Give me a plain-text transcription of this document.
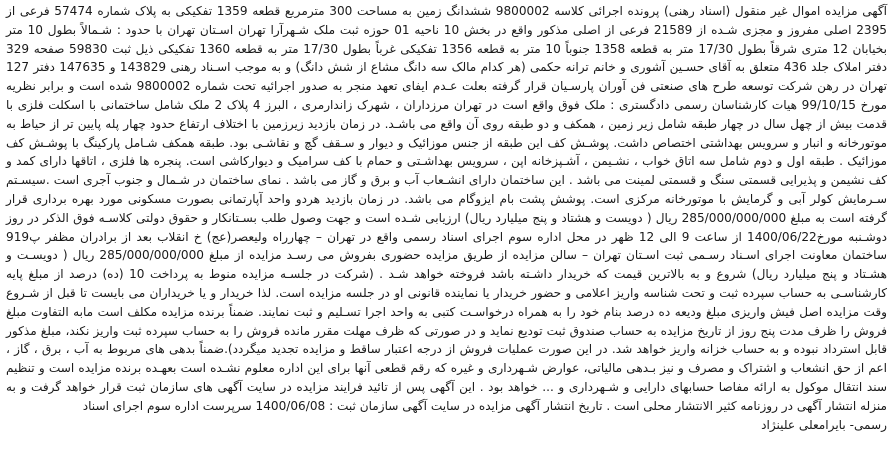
آگهی مزایده اموال غیر منقول (اسناد رهنی) پرونده اجرائی کلاسه 9800002 ششدانگ زمین به مساحت 300 مترمربع قطعه 1359 تفکیکی به پلاک شماره 57474 فرعی از 2395 اصلی مفروز و مجزی شـده از 21589 فرعی از اصلی مذکور واقع در بخش 10 ناحیه 01 حوزه ثبت ملک شـهرآرا تهران اسـتان تهران با حدود : شـمالاً بطول 10 متر بخیابان 12 متری شرقاً بطول 17/30 متر به قطعه 1358 جنوباً 10 متر به قطعه 1356 تفکیکی غرباً بطول 17/30 متر به قطعه 1360 تفکیکی ذیل ثبت 59830 صفحه 329 دفتر املاک جلد 436 متعلق به آقای حسـین آشوری و خانم ترانه حکمی (هر کدام مالک سه دانگ مشاع از شش دانگ) و به موجب اسـناد رهنی 143829 و 147635 دفتر 127 تهران در رهن شرکت توسعه طرح های صنعتی فن آوران پارسـیان قرار گرفته بعلت عـدم ایفای تعهد منجر به صدور اجرائیه تحت شماره 9800002 شده است و برابر نظریه مورخ 99/10/15 هیات کارشناسان رسمی دادگستری : ملک فوق واقع است در تهران مرزداران ، شهرک زاندارمری ، البرز 4 پلاک 2 ملک شامل ساختمانی با اسکلت فلزی با قدمت بیش از چهل سال در چهار طبقه شامل زیر زمین ، همکف و دو طبقه روی آن واقع می باشـد. در زمان بازدید زیرزمین با اختلاف ارتفاع حدود چهار پله پایین تر از حیاط به موتورخانه و انبار و سرویس بهداشتی اختصاص داشت. پوشـش کف این طبقه از جنس موزائیک و دیوار و سـقف گچ و نقاشـی بود. طبقه همکف شـامل پارکینگ با پوشـش کف موزائیک . طبقه اول و دوم شامل سه اتاق خواب ، نشـیمن ، آشـپزخانه اپن ، سرویس بهداشـتی و حمام با کف سرامیک و دیوارکاشی است. پنجره ها فلزی ، اتاقها دارای کمد و کف نشیمن و پذیرایی قسمتی سنگ و قسمتی لمینت می باشد . این ساختمان دارای انشـعاب آب و برق و گاز می باشد . نمای ساختمان در شـمال و جنوب آجری است .سیسـتم سـرمایش کولر آبی و گرمایش با موتورخانه مرکزی است. پوشش پشت بام ایزوگام می باشد. در زمان بازدید هردو واحد آپارتمانی بصورت مسکونی مورد بهره برداری قرار گرفته است به مبلغ 285/000/000/000 ریال ( دویست و هشتاد و پنج میلیارد ریال) ارزیابی شـده است و جهت وصول طلب بسـتانکار و حقوق دولتی کلاسـه فوق الذکر در روز دوشـنبه مورخ1400/06/22 از ساعت 9 الی 12 ظهر در محل اداره سوم اجرای اسناد رسمی واقع در تهران – چهارراه ولیعصر(عج) خ انقلاب بعد از برادران مظفر پ919 ساختمان معاونت اجرای اسـناد رسـمی ثبت اسـتان تهران – سالن مزایده از طریق مزایده حضوری بفروش می رسـد مزایده از مبلغ 285/000/000/000 ریال ( دویسـت و هشـتاد و پنج میلیارد ریال) شروع و به بالاترین قیمت که خریدار داشـته باشد فروخته خواهد شـد . (شرکت در جلسـه مزایده منوط به پرداخت 10 (ده) درصد از مبلغ پایه کارشناسـی به حساب سپرده ثبت و تحت شناسه واریز اعلامی و حضور خریدار یا نماینده قانونی او در جلسه مزایده است. لذا خریدار و یا خریداران می بایست تا قبل از شـروع وقت مزایده اصل فیش واریزی مبلغ ودیعه ده درصد بنام خود را به همراه درخواسـت کتبی به واحد اجرا تسـلیم و ثبت نمایند. ضمناً برنده مزایده مکلف است مابه التفاوت مبلغ فروش را ظرف مدت پنج روز از تاریخ مزایده به حساب صندوق ثبت تودیع نماید و در صورتی که ظرف مهلت مقرر مانده فروش را به حساب سپرده ثبت واریز نکند، مبلغ مذکور قابل استرداد نبوده و به حساب خزانه واریز خواهد شد. در این صورت عملیات فروش از درجه اعتبار ساقط و مزایده تجدید میگردد).ضمناً بدهی های مربوط به آب ، برق ، گاز ، اعم از حق انشعاب و اشتراک و مصرف و نیز بـدهی مالیاتی، عوارض شـهرداری و غیره که رقم قطعی آنها برای این اداره معلوم نشـده است بعهـده برنده مزایده است و تنظیم سند انتقال موکول به ارائه مفاصا حسابهای دارایی و شـهرداری و ... خواهد بود . این آگهی پس از تائید فرایند مزایده در سایت آگهی های سازمان ثبت قرار خواهد گرفت و به منزله انتشار آگهی در روزنامه کثیر الانتشار محلی است . تاریخ انتشار آگهی مزایده در سایت آگهی سازمان ثبت : 1400/06/08 سرپرست اداره سوم اجرای اسناد

رسمی- بایرامعلی علینژاد
